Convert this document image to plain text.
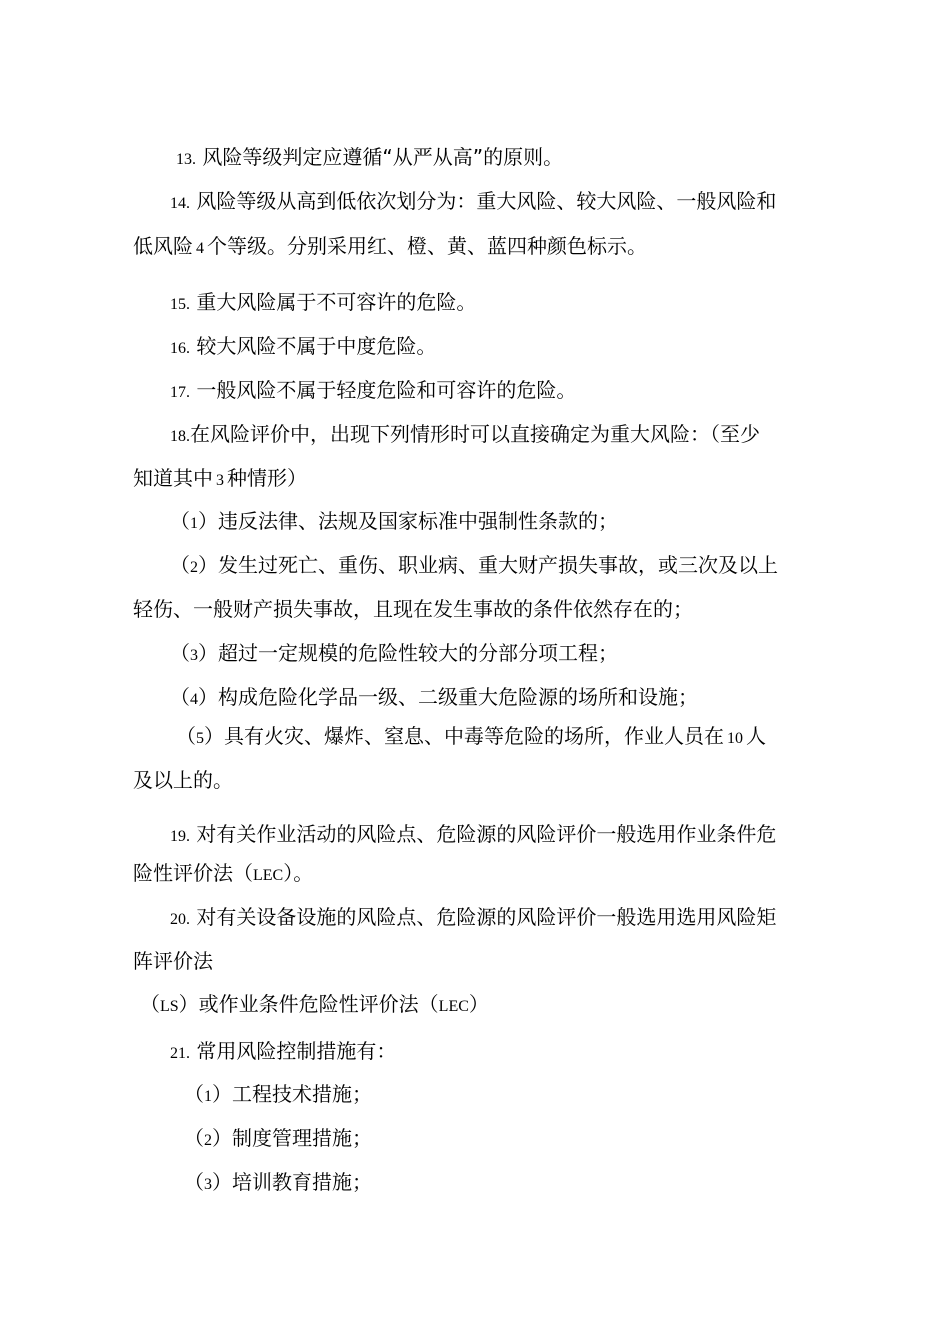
13. 风险等级判定应遵循“从严从高”的原则。
14. 风险等级从高到低依次划分为：重大风险、较大风险、一般风险和
低风险 4 个等级。分别采用红、橙、黄、蓝四种颜色标示。
15. 重大风险属于不可容许的危险。
16. 较大风险不属于中度危险。
17. 一般风险不属于轻度危险和可容许的危险。
18.在风险评价中，出现下列情形时可以直接确定为重大风险：（至少
知道其中 3 种情形）
（1）违反法律、法规及国家标准中强制性条款的；
（2）发生过死亡、重伤、职业病、重大财产损失事故，或三次及以上
轻伤、一般财产损失事故，且现在发生事故的条件依然存在的；
（3）超过一定规模的危险性较大的分部分项工程；
（4）构成危险化学品一级、二级重大危险源的场所和设施；
（5）具有火灾、爆炸、窒息、中毒等危险的场所，作业人员在 10 人
及以上的。
19. 对有关作业活动的风险点、危险源的风险评价一般选用作业条件危
险性评价法（LEC）。
20. 对有关设备设施的风险点、危险源的风险评价一般选用选用风险矩
阵评价法
（LS）或作业条件危险性评价法（LEC）
21. 常用风险控制措施有：
（1）工程技术措施；
（2）制度管理措施；
（3）培训教育措施；
